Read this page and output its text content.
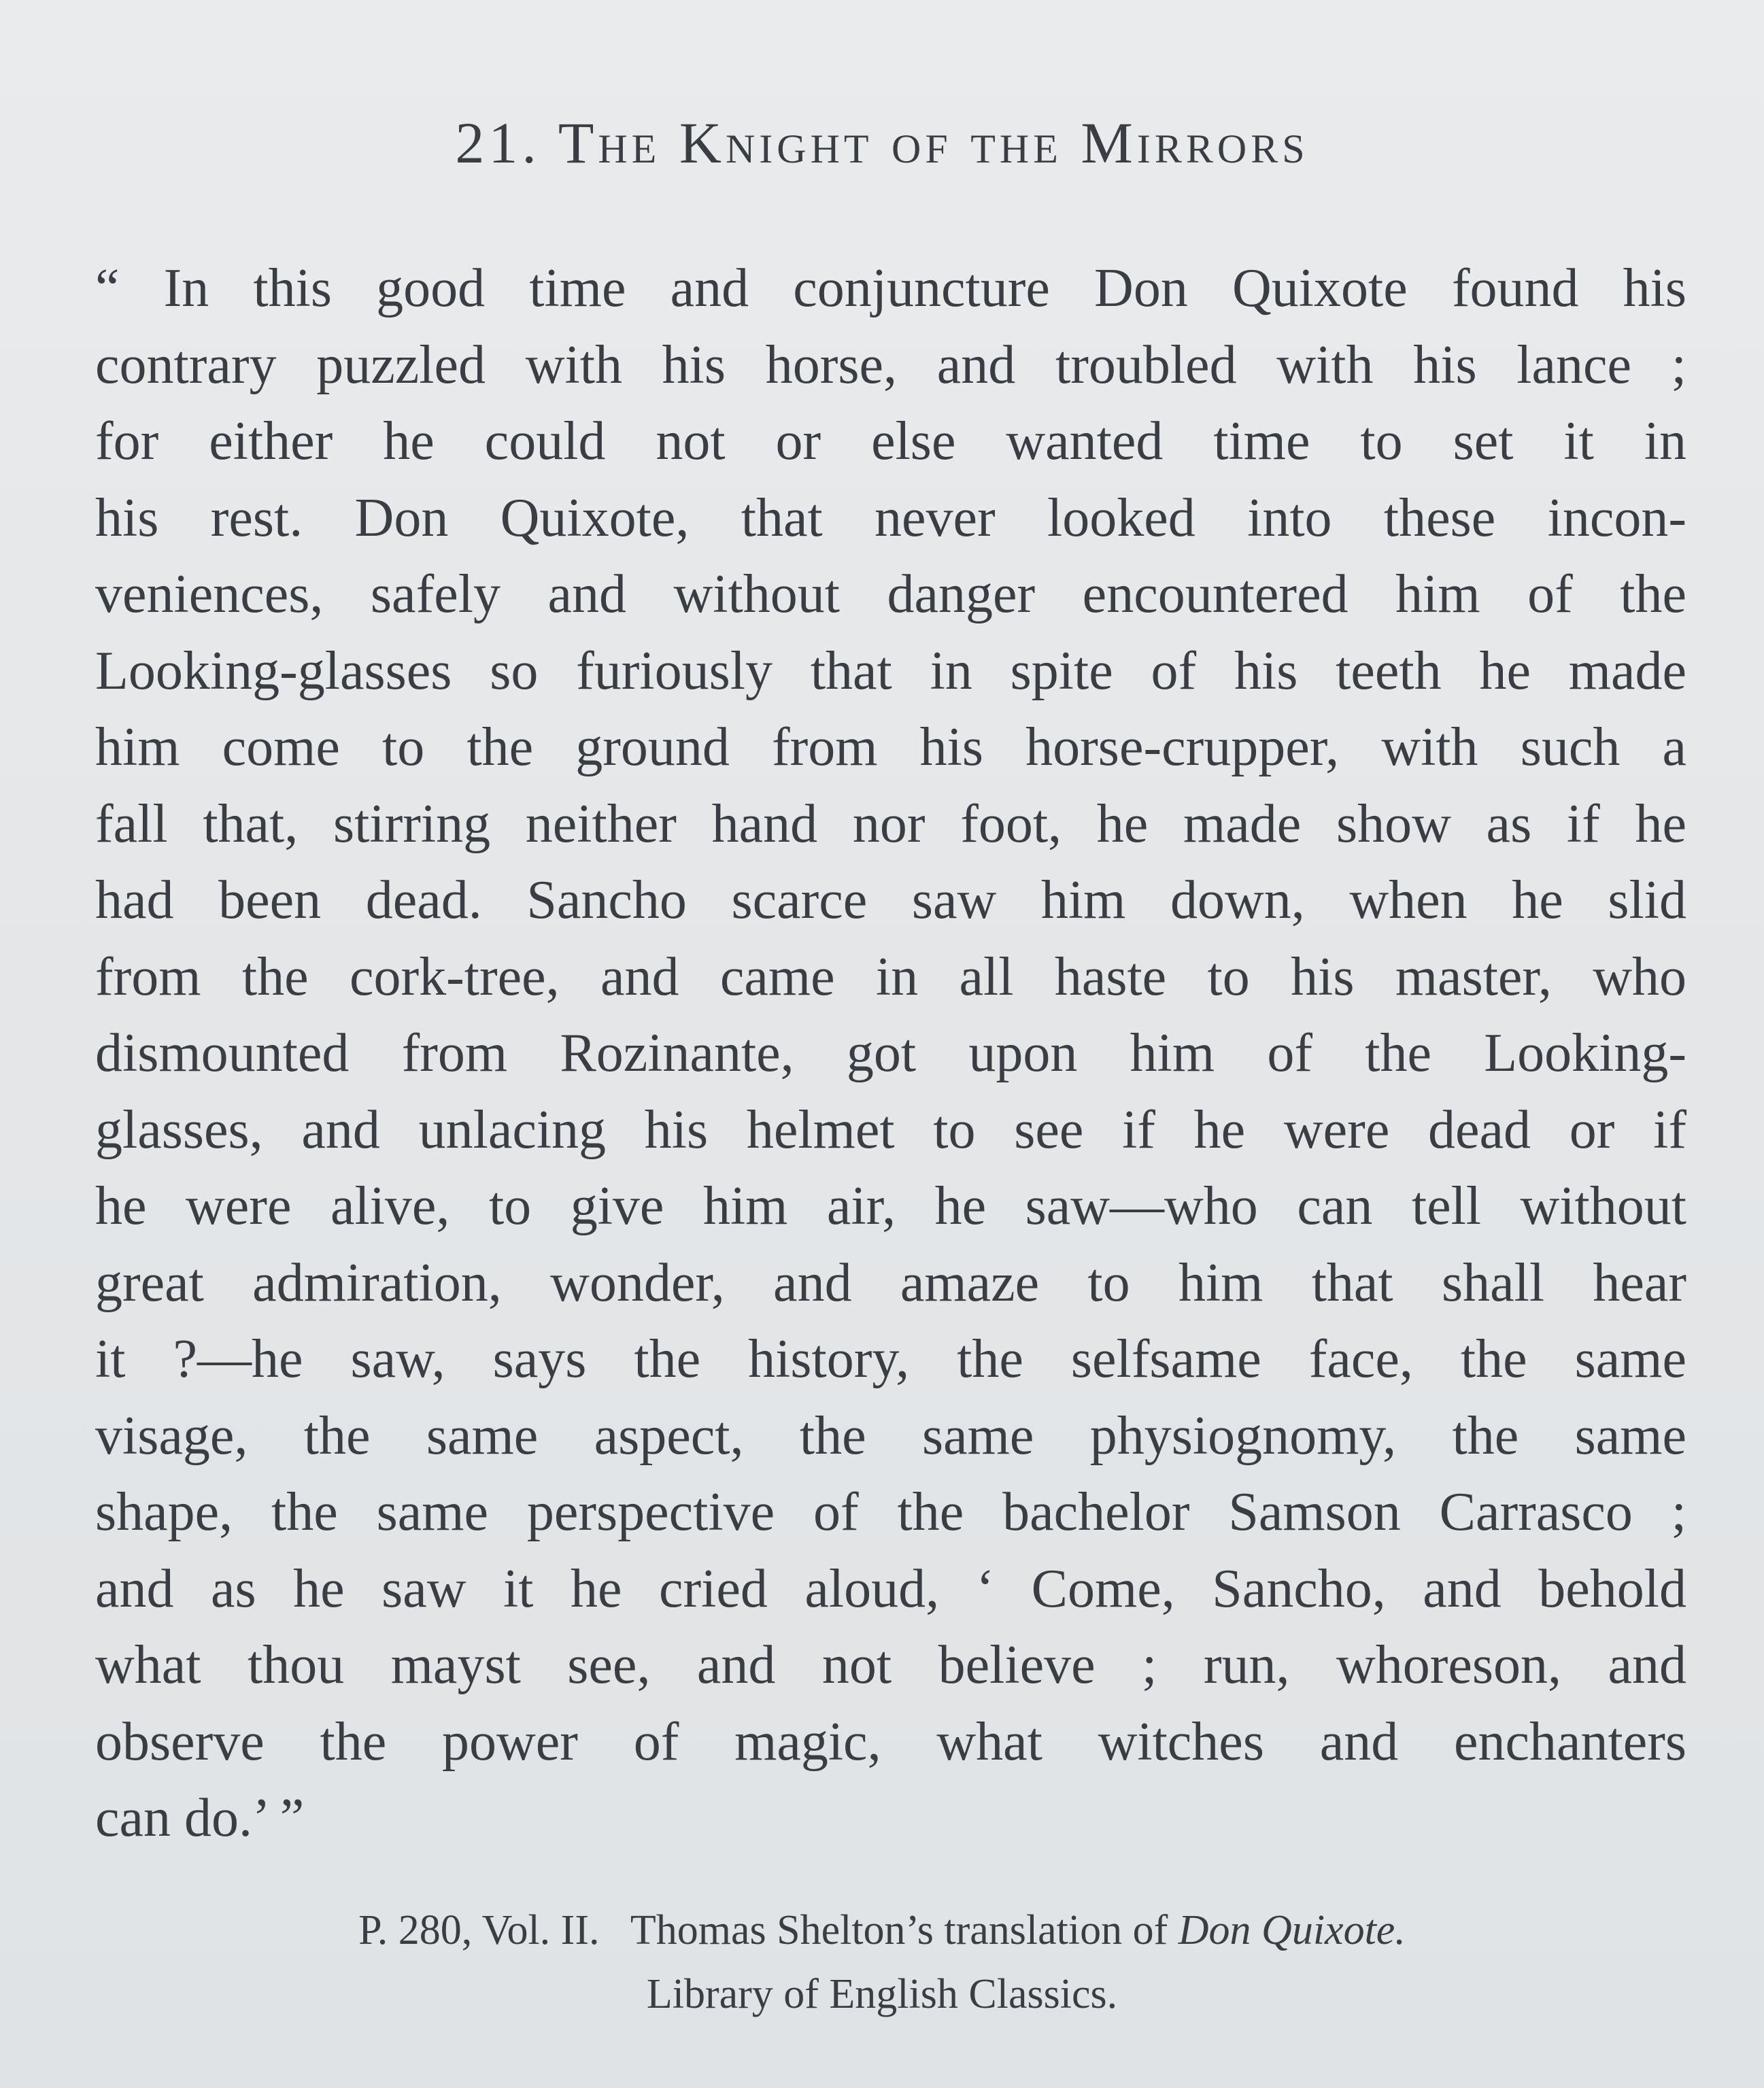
21. The Knight of the Mirrors
“ In this good time and conjuncture Don Quixote found his
contrary puzzled with his horse, and troubled with his lance ;
for either he could not or else wanted time to set it in
his rest. Don Quixote, that never looked into these incon-
veniences, safely and without danger encountered him of the
Looking-glasses so furiously that in spite of his teeth he made
him come to the ground from his horse-crupper, with such a
fall that, stirring neither hand nor foot, he made show as if he
had been dead. Sancho scarce saw him down, when he slid
from the cork-tree, and came in all haste to his master, who
dismounted from Rozinante, got upon him of the Looking-
glasses, and unlacing his helmet to see if he were dead or if
he were alive, to give him air, he saw—who can tell without
great admiration, wonder, and amaze to him that shall hear
it ?—he saw, says the history, the selfsame face, the same
visage, the same aspect, the same physiognomy, the same
shape, the same perspective of the bachelor Samson Carrasco ;
and as he saw it he cried aloud, ‘ Come, Sancho, and behold
what thou mayst see, and not believe ; run, whoreson, and
observe the power of magic, what witches and enchanters
can do.’ ”
P. 280, Vol. II. Thomas Shelton’s translation of Don Quixote.
Library of English Classics.
